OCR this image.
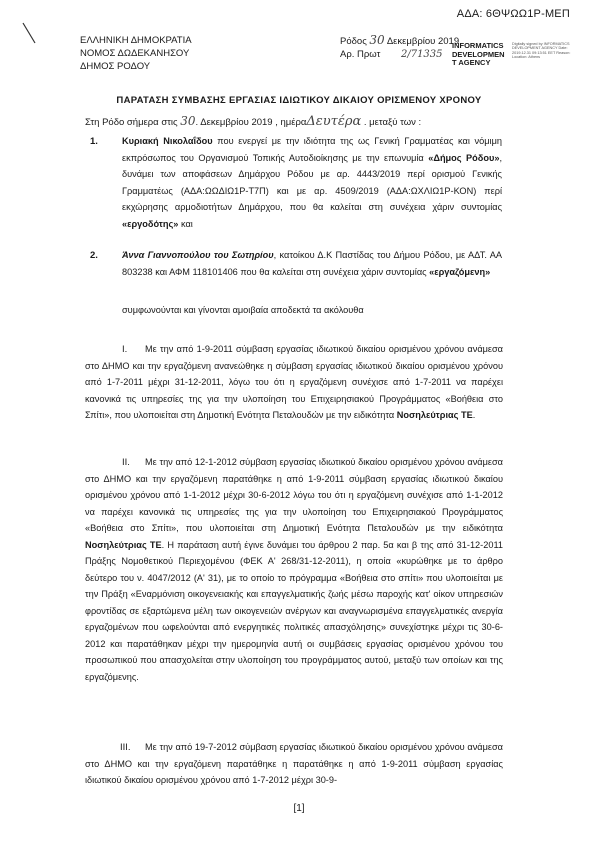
ΑΔΑ: 6ΘΨΩΩ1Ρ-ΜΕΠ
ΕΛΛΗΝΙΚΗ ΔΗΜΟΚΡΑΤΙΑ
ΝΟΜΟΣ ΔΩΔΕΚΑΝΗΣΟΥ
ΔΗΜΟΣ ΡΟΔΟΥ
Ρόδος 30 Δεκεμβρίου 2019
Αρ. Πρωτ 2/71335
INFORMATICS
DEVELOPMEN
T AGENCY
Digitally signed by INFORMATICS DEVELOPMENT AGENCY Date: 2019.12.31 09:13:51 EET Reason: Location: Athens
ΠΑΡΑΤΑΣΗ ΣΥΜΒΑΣΗΣ ΕΡΓΑΣΙΑΣ ΙΔΙΩΤΙΚΟΥ ΔΙΚΑΙΟΥ ΟΡΙΣΜΕΝΟΥ ΧΡΟΝΟΥ
Στη Ρόδο σήμερα στις 30. Δεκεμβρίου 2019 , ημέραΔευτέρα . μεταξύ των :
1.	Κυριακή Νικολαΐδου που ενεργεί με την ιδιότητα της ως Γενική Γραμματέας και νόμιμη εκπρόσωπος του Οργανισμού Τοπικής Αυτοδιοίκησης με την επωνυμία «Δήμος Ρόδου», δυνάμει των αποφάσεων Δημάρχου Ρόδου με αρ. 4443/2019 περί ορισμού Γενικής Γραμματέως (ΑΔΑ:ΩΩΔΙΩ1Ρ-Τ7Π) και με αρ. 4509/2019 (ΑΔΑ:ΩΧΛΙΩ1Ρ-ΚΟΝ) περί εκχώρησης αρμοδιοτήτων Δημάρχου, που θα καλείται στη συνέχεια χάριν συντομίας «εργοδότης» και
2.	Άννα Γιαννοπούλου του Σωτηρίου, κατοίκου Δ.Κ Παστίδας του Δήμου Ρόδου, με ΑΔΤ. ΑΑ 803238 και ΑΦΜ 118101406 που θα καλείται στη συνέχεια χάριν συντομίας «εργαζόμενη»
συμφωνούνται και γίνονται αμοιβαία αποδεκτά τα ακόλουθα
I.	Με την από 1-9-2011 σύμβαση εργασίας ιδιωτικού δικαίου ορισμένου χρόνου ανάμεσα στο ΔΗΜΟ και την εργαζόμενη ανανεώθηκε η σύμβαση εργασίας ιδιωτικού δικαίου ορισμένου χρόνου από 1-7-2011 μέχρι 31-12-2011, λόγω του ότι η εργαζόμενη συνέχισε από 1-7-2011 να παρέχει κανονικά τις υπηρεσίες της για την υλοποίηση του Επιχειρησιακού Προγράμματος «Βοήθεια στο Σπίτι», που υλοποιείται στη Δημοτική Ενότητα Πεταλουδών με την ειδικότητα Νοσηλεύτριας ΤΕ.
II.	Με την από 12-1-2012 σύμβαση εργασίας ιδιωτικού δικαίου ορισμένου χρόνου ανάμεσα στο ΔΗΜΟ και την εργαζόμενη παρατάθηκε η από 1-9-2011 σύμβαση εργασίας ιδιωτικού δικαίου ορισμένου χρόνου από 1-1-2012 μέχρι 30-6-2012 λόγω του ότι η εργαζόμενη συνέχισε από 1-1-2012 να παρέχει κανονικά τις υπηρεσίες της για την υλοποίηση του Επιχειρησιακού Προγράμματος «Βοήθεια στο Σπίτι», που υλοποιείται στη Δημοτική Ενότητα Πεταλουδών με την ειδικότητα Νοσηλεύτριας ΤΕ. Η παράταση αυτή έγινε δυνάμει του άρθρου 2 παρ. 5α και β της από 31-12-2011 Πράξης Νομοθετικού Περιεχομένου (ΦΕΚ Α' 268/31-12-2011), η οποία «κυρώθηκε με το άρθρο δεύτερο του ν. 4047/2012 (Α' 31), με το οποίο το πρόγραμμα «Βοήθεια στο σπίτι» που υλοποιείται με την Πράξη «Εναρμόνιση οικογενειακής και επαγγελματικής ζωής μέσω παροχής κατ' οίκον υπηρεσιών φροντίδας σε εξαρτώμενα μέλη των οικογενειών ανέργων και αναγνωρισμένα επαγγελματικές ανεργία εργαζομένων που ωφελούνται από ενεργητικές πολιτικές απασχόλησης» συνεχίστηκε μέχρι τις 30-6-2012 και παρατάθηκαν μέχρι την ημερομηνία αυτή οι συμβάσεις εργασίας ορισμένου χρόνου του προσωπικού που απασχολείται στην υλοποίηση του προγράμματος αυτού, μεταξύ των οποίων και της εργαζόμενης.
III.	Με την από 19-7-2012 σύμβαση εργασίας ιδιωτικού δικαίου ορισμένου χρόνου ανάμεσα στο ΔΗΜΟ και την εργαζόμενη παρατάθηκε η παρατάθηκε η από 1-9-2011 σύμβαση εργασίας ιδιωτικού δικαίου ορισμένου χρόνου από 1-7-2012 μέχρι 30-9-
[1]
